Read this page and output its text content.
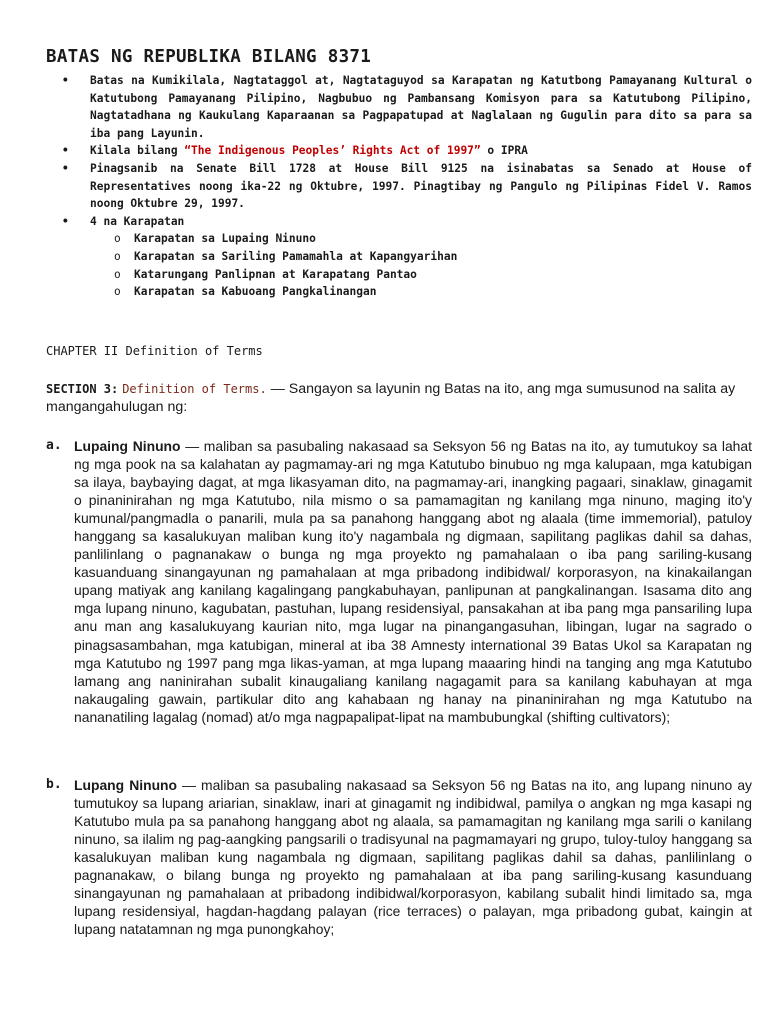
BATAS NG REPUBLIKA BILANG 8371
• Batas na Kumikilala, Nagtataggol at, Nagtataguyod sa Karapatan ng Katutbong Pamayanang Kultural o Katutubong Pamayanang Pilipino, Nagbubuo ng Pambansang Komisyon para sa Katutubong Pilipino, Nagtatadhana ng Kaukulang Kaparaanan sa Pagpapatupad at Naglalaan ng Gugulin para dito sa para sa iba pang Layunin.
• Kilala bilang “The Indigenous Peoples’ Rights Act of 1997” o IPRA
• Pinagsanib na Senate Bill 1728 at House Bill 9125 na isinabatas sa Senado at House of Representatives noong ika-22 ng Oktubre, 1997. Pinagtibay ng Pangulo ng Pilipinas Fidel V. Ramos noong Oktubre 29, 1997.
• 4 na Karapatan
o Karapatan sa Lupaing Ninuno
o Karapatan sa Sariling Pamamahla at Kapangyarihan
o Katarungang Panlipnan at Karapatang Pantao
o Karapatan sa Kabuoang Pangkalinangan
CHAPTER II Definition of Terms
SECTION 3: Definition of Terms. — Sangayon sa layunin ng Batas na ito, ang mga sumusunod na salita ay mangangahulugan ng:
a. Lupaing Ninuno — maliban sa pasubaling nakasaad sa Seksyon 56 ng Batas na ito, ay tumutukoy sa lahat ng mga pook na sa kalahatan ay pagmamay-ari ng mga Katutubo binubuo ng mga kalupaan, mga katubigan sa ilaya, baybaying dagat, at mga likasyaman dito, na pagmamay-ari, inangking pagaari, sinaklaw, ginagamit o pinaninirahan ng mga Katutubo, nila mismo o sa pamamagitan ng kanilang mga ninuno, maging ito'y kumunal/pangmadla o panarili, mula pa sa panahong hanggang abot ng alaala (time immemorial), patuloy hanggang sa kasalukuyan maliban kung ito'y nagambala ng digmaan, sapilitang paglikas dahil sa dahas, panlilinlang o pagnanakaw o bunga ng mga proyekto ng pamahalaan o iba pang sariling-kusang kasuanduang sinangayunan ng pamahalaan at mga pribadong indibidwal/ korporasyon, na kinakailangan upang matiyak ang kanilang kagalingang pangkabuhayan, panlipunan at pangkalinangan. Isasama dito ang mga lupang ninuno, kagubatan, pastuhan, lupang residensiyal, pansakahan at iba pang mga pansariling lupa anu man ang kasalukuyang kaurian nito, mga lugar na pinangangasuhan, libingan, lugar na sagrado o pinagsasambahan, mga katubigan, mineral at iba 38 Amnesty international 39 Batas Ukol sa Karapatan ng mga Katutubo ng 1997 pang mga likas-yaman, at mga lupang maaaring hindi na tanging ang mga Katutubo lamang ang naninirahan subalit kinaugaliang kanilang nagagamit para sa kanilang kabuhayan at mga nakaugaling gawain, partikular dito ang kahabaan ng hanay na pinaninirahan ng mga Katutubo na nananatiling lagalag (nomad) at/o mga nagpapalipat-lipat na mambubungkal (shifting cultivators);
b. Lupang Ninuno — maliban sa pasubaling nakasaad sa Seksyon 56 ng Batas na ito, ang lupang ninuno ay tumutukoy sa lupang ariarian, sinaklaw, inari at ginagamit ng indibidwal, pamilya o angkan ng mga kasapi ng Katutubo mula pa sa panahong hanggang abot ng alaala, sa pamamagitan ng kanilang mga sarili o kanilang ninuno, sa ilalim ng pag-aangking pangsarili o tradisyunal na pagmamayari ng grupo, tuloy-tuloy hanggang sa kasalukuyan maliban kung nagambala ng digmaan, sapilitang paglikas dahil sa dahas, panlilinlang o pagnanakaw, o bilang bunga ng proyekto ng pamahalaan at iba pang sariling-kusang kasunduang sinangayunan ng pamahalaan at pribadong indibidwal/korporasyon, kabilang subalit hindi limitado sa, mga lupang residensiyal, hagdan-hagdang palayan (rice terraces) o palayan, mga pribadong gubat, kaingin at lupang natatamnan ng mga punongkahoy;
